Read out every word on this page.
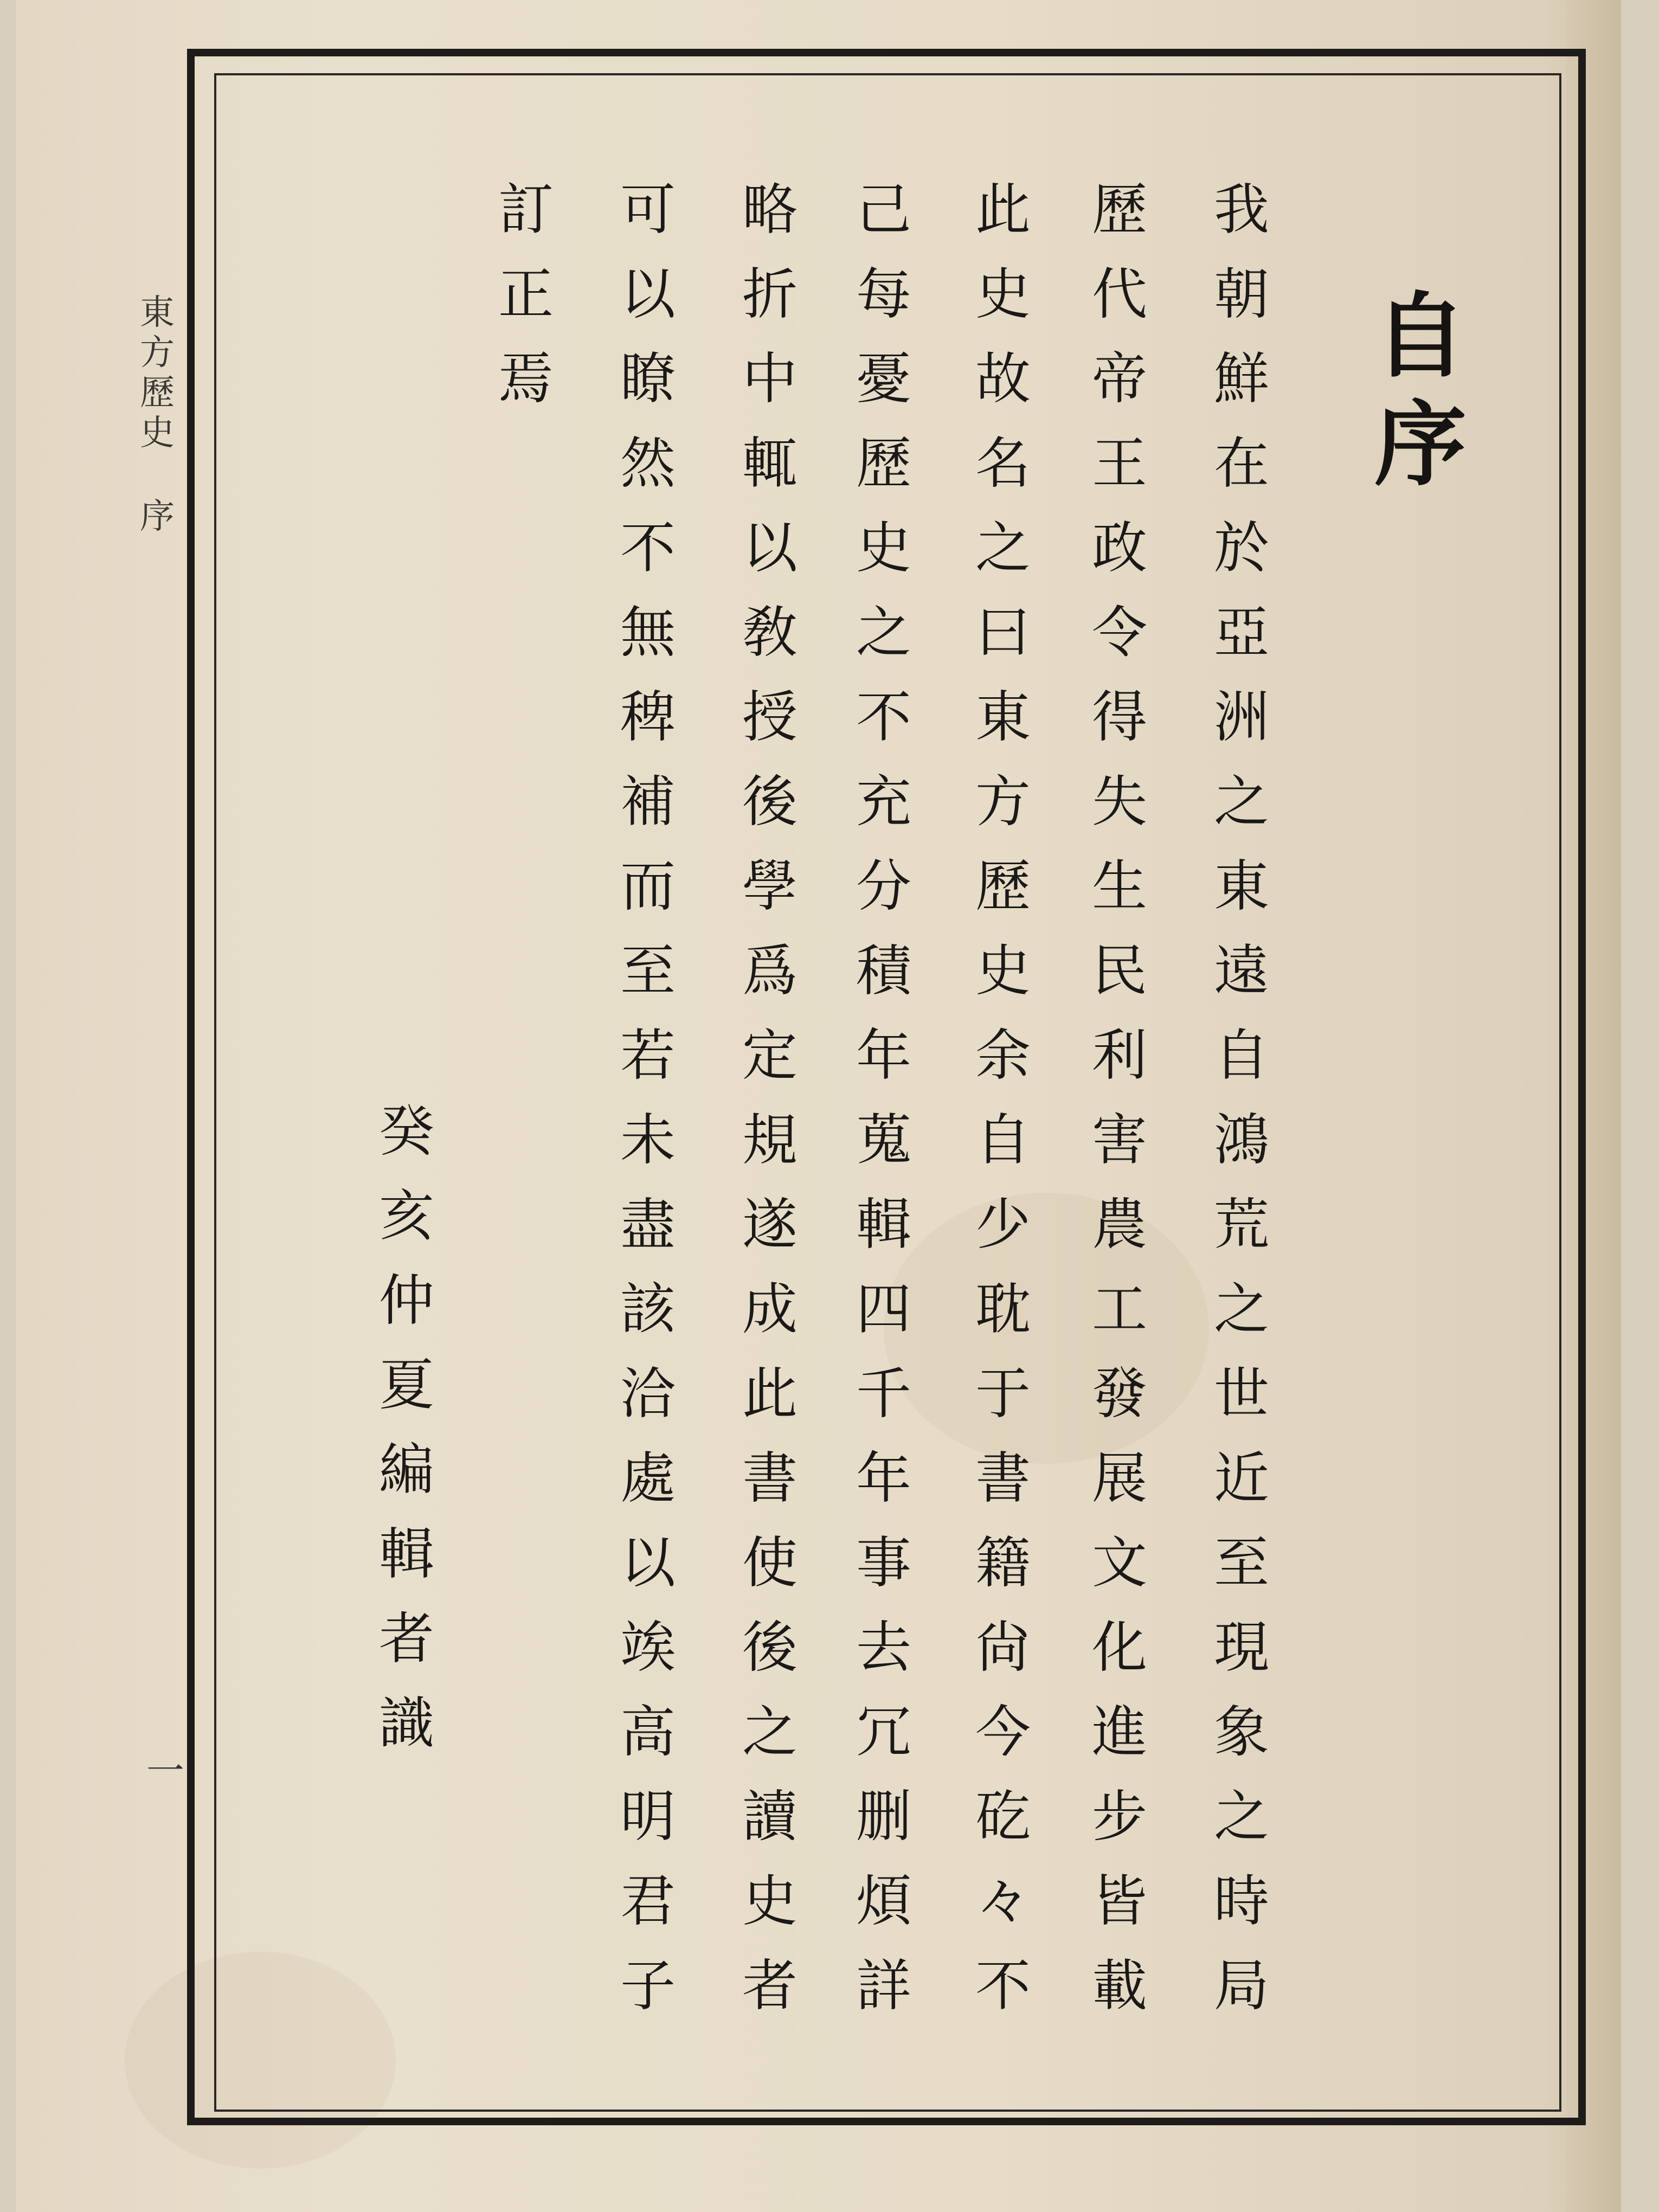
東
方
歷
史
序
一
自
序
我
朝
鮮
在
於
亞
洲
之
東
遠
自
鴻
荒
之
世
近
至
現
象
之
時
局
歷
代
帝
王
政
令
得
失
生
民
利
害
農
工
發
展
文
化
進
步
皆
載
此
史
故
名
之
曰
東
方
歷
史
余
自
少
耽
于
書
籍
尙
今
矻
々
不
己
每
憂
歷
史
之
不
充
分
積
年
蒐
輯
四
千
年
事
去
冗
删
煩
詳
略
折
中
輒
以
敎
授
後
學
爲
定
規
遂
成
此
書
使
後
之
讀
史
者
可
以
瞭
然
不
無
稗
補
而
至
若
未
盡
該
洽
處
以
竢
高
明
君
子
訂
正
焉
癸
亥
仲
夏
編
輯
者
識
